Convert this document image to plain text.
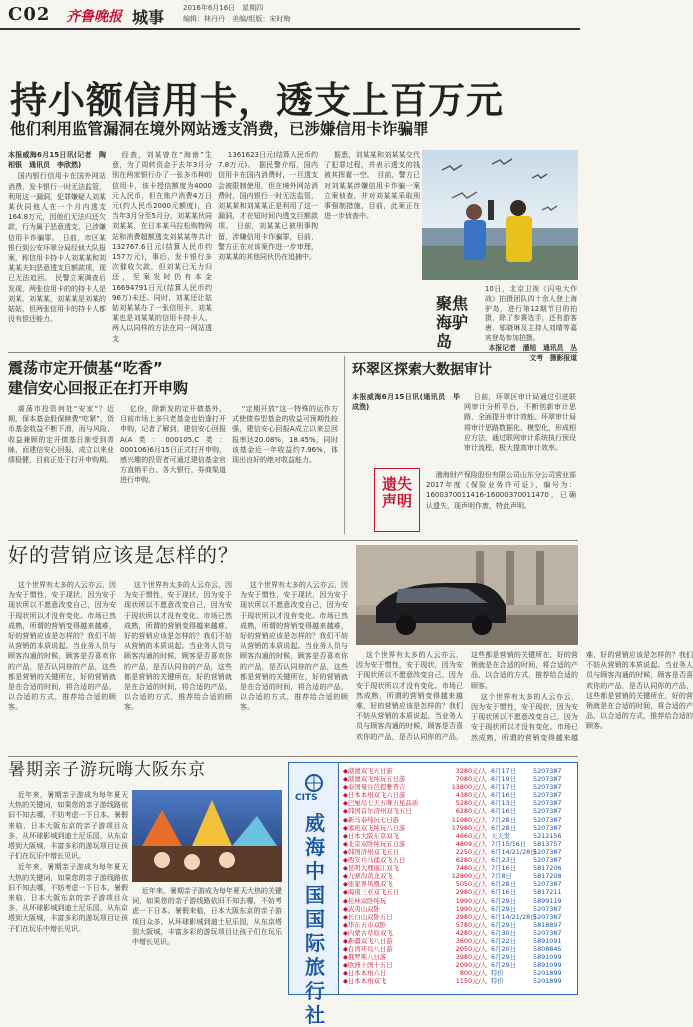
C02 齐鲁晚报 城事	2016年6月16日　星期四
编辑：林丹丹　美编/组版：宋时梅
持小额信用卡，透支上百万元
他们利用监管漏洞在境外网站透支消费，已涉嫌信用卡诈骗罪

本报威海6月15日讯(记者　陶相银　通讯员　李欣然)

国内银行信用卡在国外网站消费，发卡银行一时无法监管，利用这一漏洞，犯罪嫌疑人刘某某伙同他人在一个月内透支164.8万元，因他们无法归还欠款，行为属于恶意透支，已涉嫌信用卡诈骗罪。　日前，市区某银行到公安环翠分局经侦大队报案，称信用卡持卡人刘某某和刘某某夫妇恶意透支巨额款项，现已无法追回。　民警立案调查后发现，两张信用卡的的持卡人是刘某、刘某某，刘某某是刘某的姑姑，但两张信用卡的持卡人都没有偿还能力。

经查，刘某曾在“海南”生意，为了周转资金于去年3月分别在两家银行办了一张多币种的信用卡，该卡授信额度为4000元人民币，但在账户消费4万日元(约人民币2000元额度)，自当年3月分至5月分，刘某某伙同刘某某，在日本某马拉松购物网站和消费超额透支刘某某等共计132767.6日元(结算人民币约157万元)，事后，发卡银行多次催收欠款，但刘某已无力归还，至案发时仍有本金16694791日元(结算人民币约96万)未还。同时，刘某还让姑姑刘某某办了一张信用卡，刘某某也是刘某某的信用卡持卡人，两人以同样的方法在同一网站透支

1361623日元(结算人民币约7.8万元)。　据民警介绍，国内信用卡在国内消费时，一旦透支会被限制使用，但在境外网站消费时，国内银行一时无法监管，刘某某和刘某某正是利用了这一漏洞，才在短时间内透支巨额款项。　日前，刘某某已被刑事拘留，涉嫌信用卡诈骗罪，目前，警方正在对该案作进一步审理，刘某某的其他同伙仍在追捕中。

据悉，刘某某和刘某某交代了犯罪过程，并表示透支的钱被其挥霍一空。　目前，警方已对刘某某涉嫌信用卡诈骗一案立案侦查，并对刘某某采取刑事强制措施，目前，此案正在进一步侦查中。

聚焦
海驴岛
10日，北京卫视《闪电大作战》拍摄团队四十余人登上海驴岛，进行第12期节目的拍摄，除了参赛选手，还有游客唐、邬晓琳及主持人刘晴等嘉宾登岛参加拍摄。
本报记者　潘旭　通讯员　丛文考　摄影报道
震荡市定开债基“吃香”
建信安心回报正在打开申购

震荡市投资何处“安家”？近期，保本基金股保赎费“吃紧”，货币基金收益不断下滑，而与风险、收益兼顾的定开债基日渐受到青睐，而建信安心回报，成立以来业绩稳健，目前正处于打开申购期。

亿份，除新发的定开债基外，目前市场上多只老基金也恰逢打开申购，记者了解到，建信安心回报A(A类：000105,C类：000106)6月15日正式打开申购，感兴趣的投资者可通过建信基金官方直销平台、各大银行，券商渠道进行申购。

“定期开放”这一特殊的运作方式使债券型基金的收益可预期性较强，建信安心回报A成立以来总回报率达20.08%，18.45%，同时该基金近一年收益约7.96%，体现出良好的绝对收益能力。

环翠区探索大数据审计

本报威海6月15日讯(通讯员　毕成渔)

日前，环翠区审计局通过引进联网审计分析平台，不断创新审计思路，全面提升审计效能。环翠审计局将审计思路数据化、模型化，形成相应方法，通过联网审计系统执行预设审计流程，极大提高审计效率。

遗失
声明

渤海财产保险股份有限公司山东分公司营业部2017年度《保险业务许可证》，编号为：1600370011416-16000370011470，已确认遗失，现声明作废，特此声明。

好的营销应该是怎样的？

这个世界有太多的人云亦云，因为安于惯性，安于现状，因为安于现状所以不愿意改变自己，因为安于现状所以才没有变化。市场已然成熟，所谓的营销变得越来越难，好的营销应该是怎样的？我们不妨从营销的本质说起。当业务人员与顾客沟通的时候，顾客是否喜欢你的产品，是否认同你的产品，这些都是营销的关键所在，好的营销就是在合适的时间，将合适的产品，以合适的方式，推荐给合适的顾客。

这个世界有太多的人云亦云，因为安于惯性，安于现状，因为安于现状所以不愿意改变自己，因为安于现状所以才没有变化。市场已然成熟，所谓的营销变得越来越难，好的营销应该是怎样的？我们不妨从营销的本质说起。当业务人员与顾客沟通的时候，顾客是否喜欢你的产品，是否认同你的产品，这些都是营销的关键所在，好的营销就是在合适的时间，将合适的产品，以合适的方式，推荐给合适的顾客。

这个世界有太多的人云亦云，因为安于惯性，安于现状，因为安于现状所以不愿意改变自己，因为安于现状所以才没有变化。市场已然成熟，所谓的营销变得越来越难，好的营销应该是怎样的？我们不妨从营销的本质说起。当业务人员与顾客沟通的时候，顾客是否喜欢你的产品，是否认同你的产品，这些都是营销的关键所在，好的营销就是在合适的时间，将合适的产品，以合适的方式，推荐给合适的顾客。

这个世界有太多的人云亦云，因为安于惯性，安于现状，因为安于现状所以不愿意改变自己，因为安于现状所以才没有变化。市场已然成熟，所谓的营销变得越来越难，好的营销应该是怎样的？我们不妨从营销的本质说起。当业务人员与顾客沟通的时候，顾客是否喜欢你的产品，是否认同你的产品，这些都是营销的关键所在，好的营销就是在合适的时间，将合适的产品，以合适的方式，推荐给合适的顾客。

这个世界有太多的人云亦云，因为安于惯性，安于现状，因为安于现状所以不愿意改变自己，因为安于现状所以才没有变化。市场已然成熟，所谓的营销变得越来越难，好的营销应该是怎样的？我们不妨从营销的本质说起。当业务人员与顾客沟通的时候，顾客是否喜欢你的产品，是否认同你的产品，这些都是营销的关键所在，好的营销就是在合适的时间，将合适的产品，以合适的方式，推荐给合适的顾客。

暑期亲子游玩嗨大阪东京

近年来，暑期亲子游成为每年夏天大热的关键词，如果您的亲子游线路依旧不知去哪，不妨考虑一下日本。暑假来临，日本大阪东京的亲子游项目众多，从环球影城到迪士尼乐园，从东京塔到大阪城，丰富多彩的游玩项目让孩子们在玩乐中增长见识。

近年来，暑期亲子游成为每年夏天大热的关键词，如果您的亲子游线路依旧不知去哪，不妨考虑一下日本。暑假来临，日本大阪东京的亲子游项目众多，从环球影城到迪士尼乐园，从东京塔到大阪城，丰富多彩的游玩项目让孩子们在玩乐中增长见识。

近年来，暑期亲子游成为每年夏天大热的关键词，如果您的亲子游线路依旧不知去哪，不妨考虑一下日本。暑假来临，日本大阪东京的亲子游项目众多，从环球影城到迪士尼乐园，从东京塔到大阪城，丰富多彩的游玩项目让孩子们在玩乐中增长见识。

CITS
威海中国国际旅行社
◆港澳双飞五日游	3280元/人 6月17日	5207387
◆港澳双飞纯玩五日游	7080元/人 6月19日	5207387
◆泰国曼谷芭提雅普吉	13800元/人 6月17日	5207387
◆日本本州双飞六日游	4380元/人 6月16日	5207387
◆巴厘岛七天五晚五星品质	5280元/人 6月13日	5207387
◆韩国首尔济州双飞五日	6280元/人 6月16日	5207387
◆新马泰纯玩七日游	11980元/人 7月28日	5207387
◆塞班双飞纯玩八日游	17980元/人 6月28日	5207387
◆日本大阪东京双飞	4660元/人 天天发	5212156
◆北京双卧纯玩五日游	4809元/人 7月15/16日	5813757
◆韩国济州双飞五日	2250元/人 6月14/21/28日
5207387
◆西安兵马俑双飞五日	6280元/人 6月23日	5207387
◆昆明大理丽江双飞	7480元/人 7月16日	5817206
◆九寨沟黄龙双飞	12800元/人 7月8日	5817208
◆张家界凤凰双飞	5050元/人 6月28日	5207387
◆海南三亚双飞五日	2980元/人 6月16日	5817211
◆桂林双卧纯玩	1990元/人 6月29日	5899119
◆武夷山双卧	1990元/人 6月29日	5207387
◆长白山双卧五日	2980元/人 6月14/21/28日
5207387
◆华东五市双卧	5780元/人 6月29日	5818897
◆内蒙古草原双飞	4280元/人 6月30日	5207387
◆新疆双飞八日游	3600元/人 6月22日	5891091
◆台湾环岛八日游	2050元/人 6月20日	5808845
◆俄罗斯八日游	3980元/人 6月29日	5891099
◆欧洲十国十五日	2090元/人 6月29日	5891099
◆日本本州六日	800元/人 特价	5201899
◆日本本州双飞	1150元/人 特价	5201899
